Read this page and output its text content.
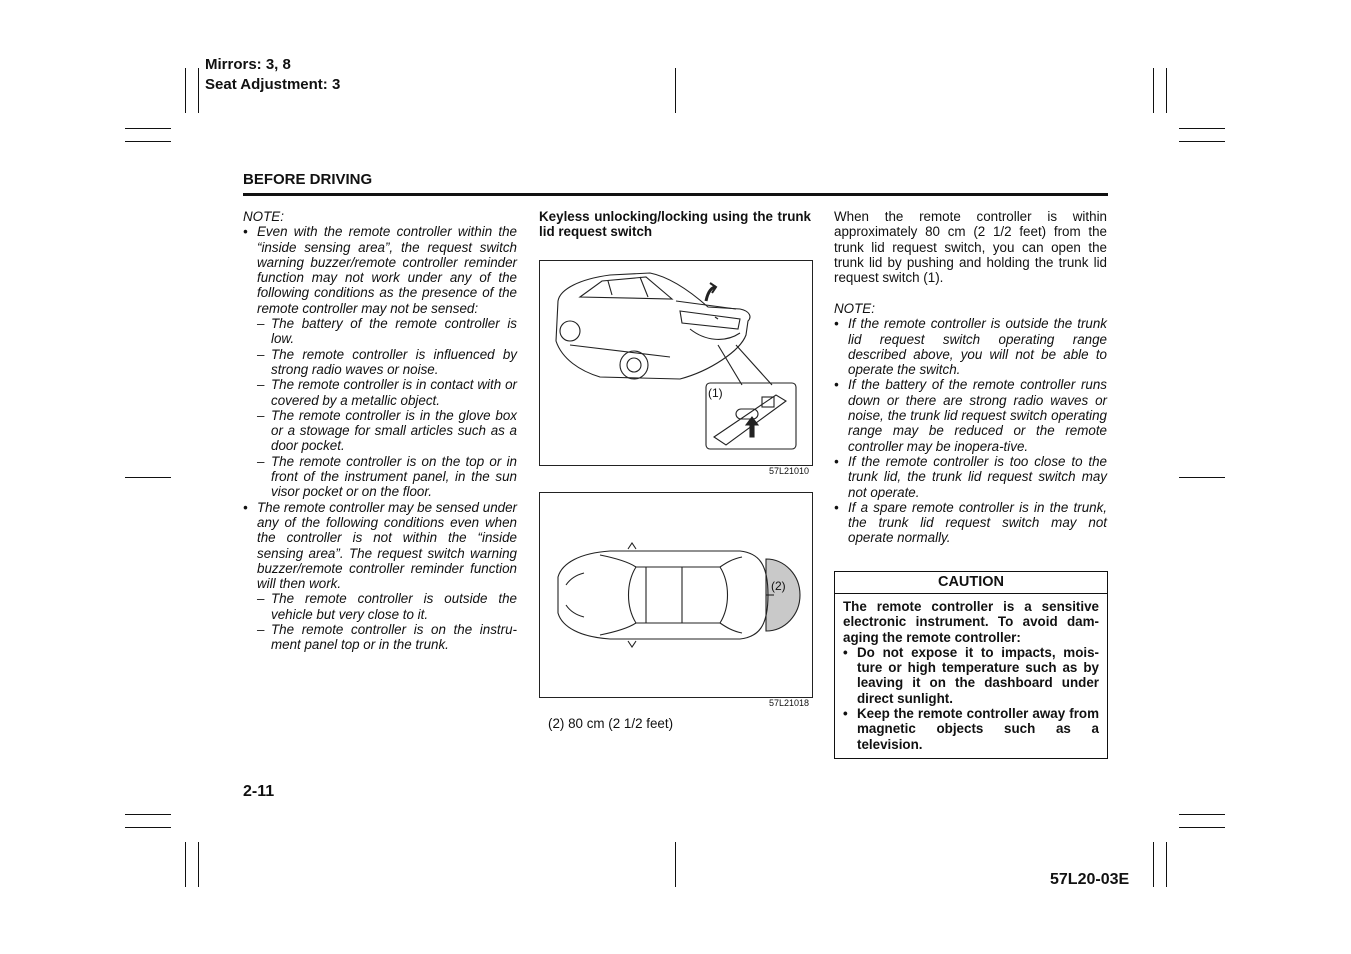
Mirrors: 3, 8
Seat Adjustment: 3
BEFORE DRIVING
NOTE:
• Even with the remote controller within the “inside sensing area”, the request switch warning buzzer/remote controller reminder function may not work under any of the following conditions as the presence of the remote controller may not be sensed:
– The battery of the remote controller is low.
– The remote controller is influenced by strong radio waves or noise.
– The remote controller is in contact with or covered by a metallic object.
– The remote controller is in the glove box or a stowage for small articles such as a door pocket.
– The remote controller is on the top or in front of the instrument panel, in the sun visor pocket or on the floor.
• The remote controller may be sensed under any of the following conditions even when the controller is not within the “inside sensing area”. The request switch warning buzzer/remote controller reminder function will then work.
– The remote controller is outside the vehicle but very close to it.
– The remote controller is on the instru-ment panel top or in the trunk.
Keyless unlocking/locking using the trunk lid request switch
(1)
57L21010
(2)
57L21018
(2) 80 cm (2 1/2 feet)
When the remote controller is within approximately 80 cm (2 1/2 feet) from the trunk lid request switch, you can open the trunk lid by pushing and holding the trunk lid request switch (1).
NOTE:
• If the remote controller is outside the trunk lid request switch operating range described above, you will not be able to operate the switch.
• If the battery of the remote controller runs down or there are strong radio waves or noise, the trunk lid request switch operating range may be reduced or the remote controller may be inopera-tive.
• If the remote controller is too close to the trunk lid, the trunk lid request switch may not operate.
• If a spare remote controller is in the trunk, the trunk lid request switch may not operate normally.
CAUTION
The remote controller is a sensitive electronic instrument. To avoid dam-aging the remote controller:
• Do not expose it to impacts, mois-ture or high temperature such as by leaving it on the dashboard under direct sunlight.
• Keep the remote controller away from magnetic objects such as a television.
2-11
57L20-03E
